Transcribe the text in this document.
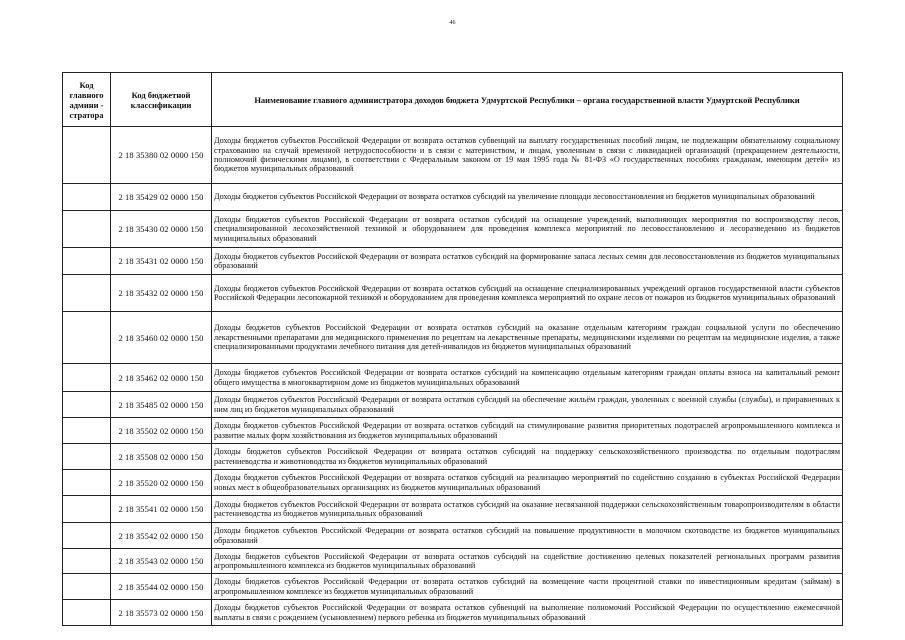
46
Код главного админи - стратора	Код бюджетной классификации	Наименование главного администратора доходов бюджета Удмуртской Республики – органа государственной власти Удмуртской Республики
	2 18 35380 02 0000 150	Доходы бюджетов субъектов Российской Федерации от возврата остатков субвенций на выплату государственных пособий лицам, не подлежащим обязательному социальному страхованию на случай временной нетрудоспособности и в связи с материнством, и лицам, уволенным в связи с ликвидацией организаций (прекращением деятельности, полномочий физическими лицами), в соответствии с Федеральным законом от 19 мая 1995 года № 81-ФЗ «О государственных пособиях гражданам, имеющим детей» из бюджетов муниципальных образований
	2 18 35429 02 0000 150	Доходы бюджетов субъектов Российской Федерации от возврата остатков субсидий на увеличение площади лесовосстановления из бюджетов муниципальных образований
	2 18 35430 02 0000 150	Доходы бюджетов субъектов Российской Федерации от возврата остатков субсидий на оснащение учреждений, выполняющих мероприятия по воспроизводству лесов, специализированной лесохозяйственной техникой и оборудованием для проведения комплекса мероприятий по лесовосстановлению и лесоразведению из бюджетов муниципальных образований
	2 18 35431 02 0000 150	Доходы бюджетов субъектов Российской Федерации от возврата остатков субсидий на формирование запаса лесных семян для лесовосстановления из бюджетов муниципальных образований
	2 18 35432 02 0000 150	Доходы бюджетов субъектов Российской Федерации от возврата остатков субсидий на оснащение специализированных учреждений органов государственной власти субъектов Российской Федерации лесопожарной техникой и оборудованием для проведения комплекса мероприятий по охране лесов от пожаров из бюджетов муниципальных образований
	2 18 35460 02 0000 150	Доходы бюджетов субъектов Российской Федерации от возврата остатков субсидий на оказание отдельным категориям граждан социальной услуги по обеспечению лекарственными препаратами для медицинского применения по рецептам на лекарственные препараты, медицинскими изделиями по рецептам на медицинские изделия, а также специализированными продуктами лечебного питания для детей-инвалидов из бюджетов муниципальных образований
	2 18 35462 02 0000 150	Доходы бюджетов субъектов Российской Федерации от возврата остатков субсидий на компенсацию отдельным категориям граждан оплаты взноса на капитальный ремонт общего имущества в многоквартирном доме из бюджетов муниципальных образований
	2 18 35485 02 0000 150	Доходы бюджетов субъектов Российской Федерации от возврата остатков субсидий на обеспечение жильём граждан, уволенных с военной службы (службы), и приравненных к ним лиц из бюджетов муниципальных образований
	2 18 35502 02 0000 150	Доходы бюджетов субъектов Российской Федерации от возврата остатков субсидий на стимулирование развития приоритетных подотраслей агропромышленного комплекса и развитие малых форм хозяйствования из бюджетов муниципальных образований
	2 18 35508 02 0000 150	Доходы бюджетов субъектов Российской Федерации от возврата остатков субсидий на поддержку сельскохозяйственного производства по отдельным подотраслям растениеводства и животноводства из бюджетов муниципальных образований
	2 18 35520 02 0000 150	Доходы бюджетов субъектов Российской Федерации от возврата остатков субсидий на реализацию мероприятий по содействию созданию в субъектах Российской Федерации новых мест в общеобразовательных организациях из бюджетов муниципальных образований
	2 18 35541 02 0000 150	Доходы бюджетов субъектов Российской Федерации от возврата остатков субсидий на оказание несвязанной поддержки сельскохозяйственным товаропроизводителям в области растениеводства из бюджетов муниципальных образований
	2 18 35542 02 0000 150	Доходы бюджетов субъектов Российской Федерации от возврата остатков субсидий на повышение продуктивности в молочном скотоводстве из бюджетов муниципальных образований
	2 18 35543 02 0000 150	Доходы бюджетов субъектов Российской Федерации от возврата остатков субсидий на содействие достижению целевых показателей региональных программ развития агропромышленного комплекса из бюджетов муниципальных образований
	2 18 35544 02 0000 150	Доходы бюджетов субъектов Российской Федерации от возврата остатков субсидий на возмещение части процентной ставки по инвестиционным кредитам (займам) в агропромышленном комплексе из бюджетов муниципальных образований
	2 18 35573 02 0000 150	Доходы бюджетов субъектов Российской Федерации от возврата остатков субвенций на выполнение полномочий Российской Федерации по осуществлению ежемесячной выплаты в связи с рождением (усыновлением) первого ребенка из бюджетов муниципальных образований
